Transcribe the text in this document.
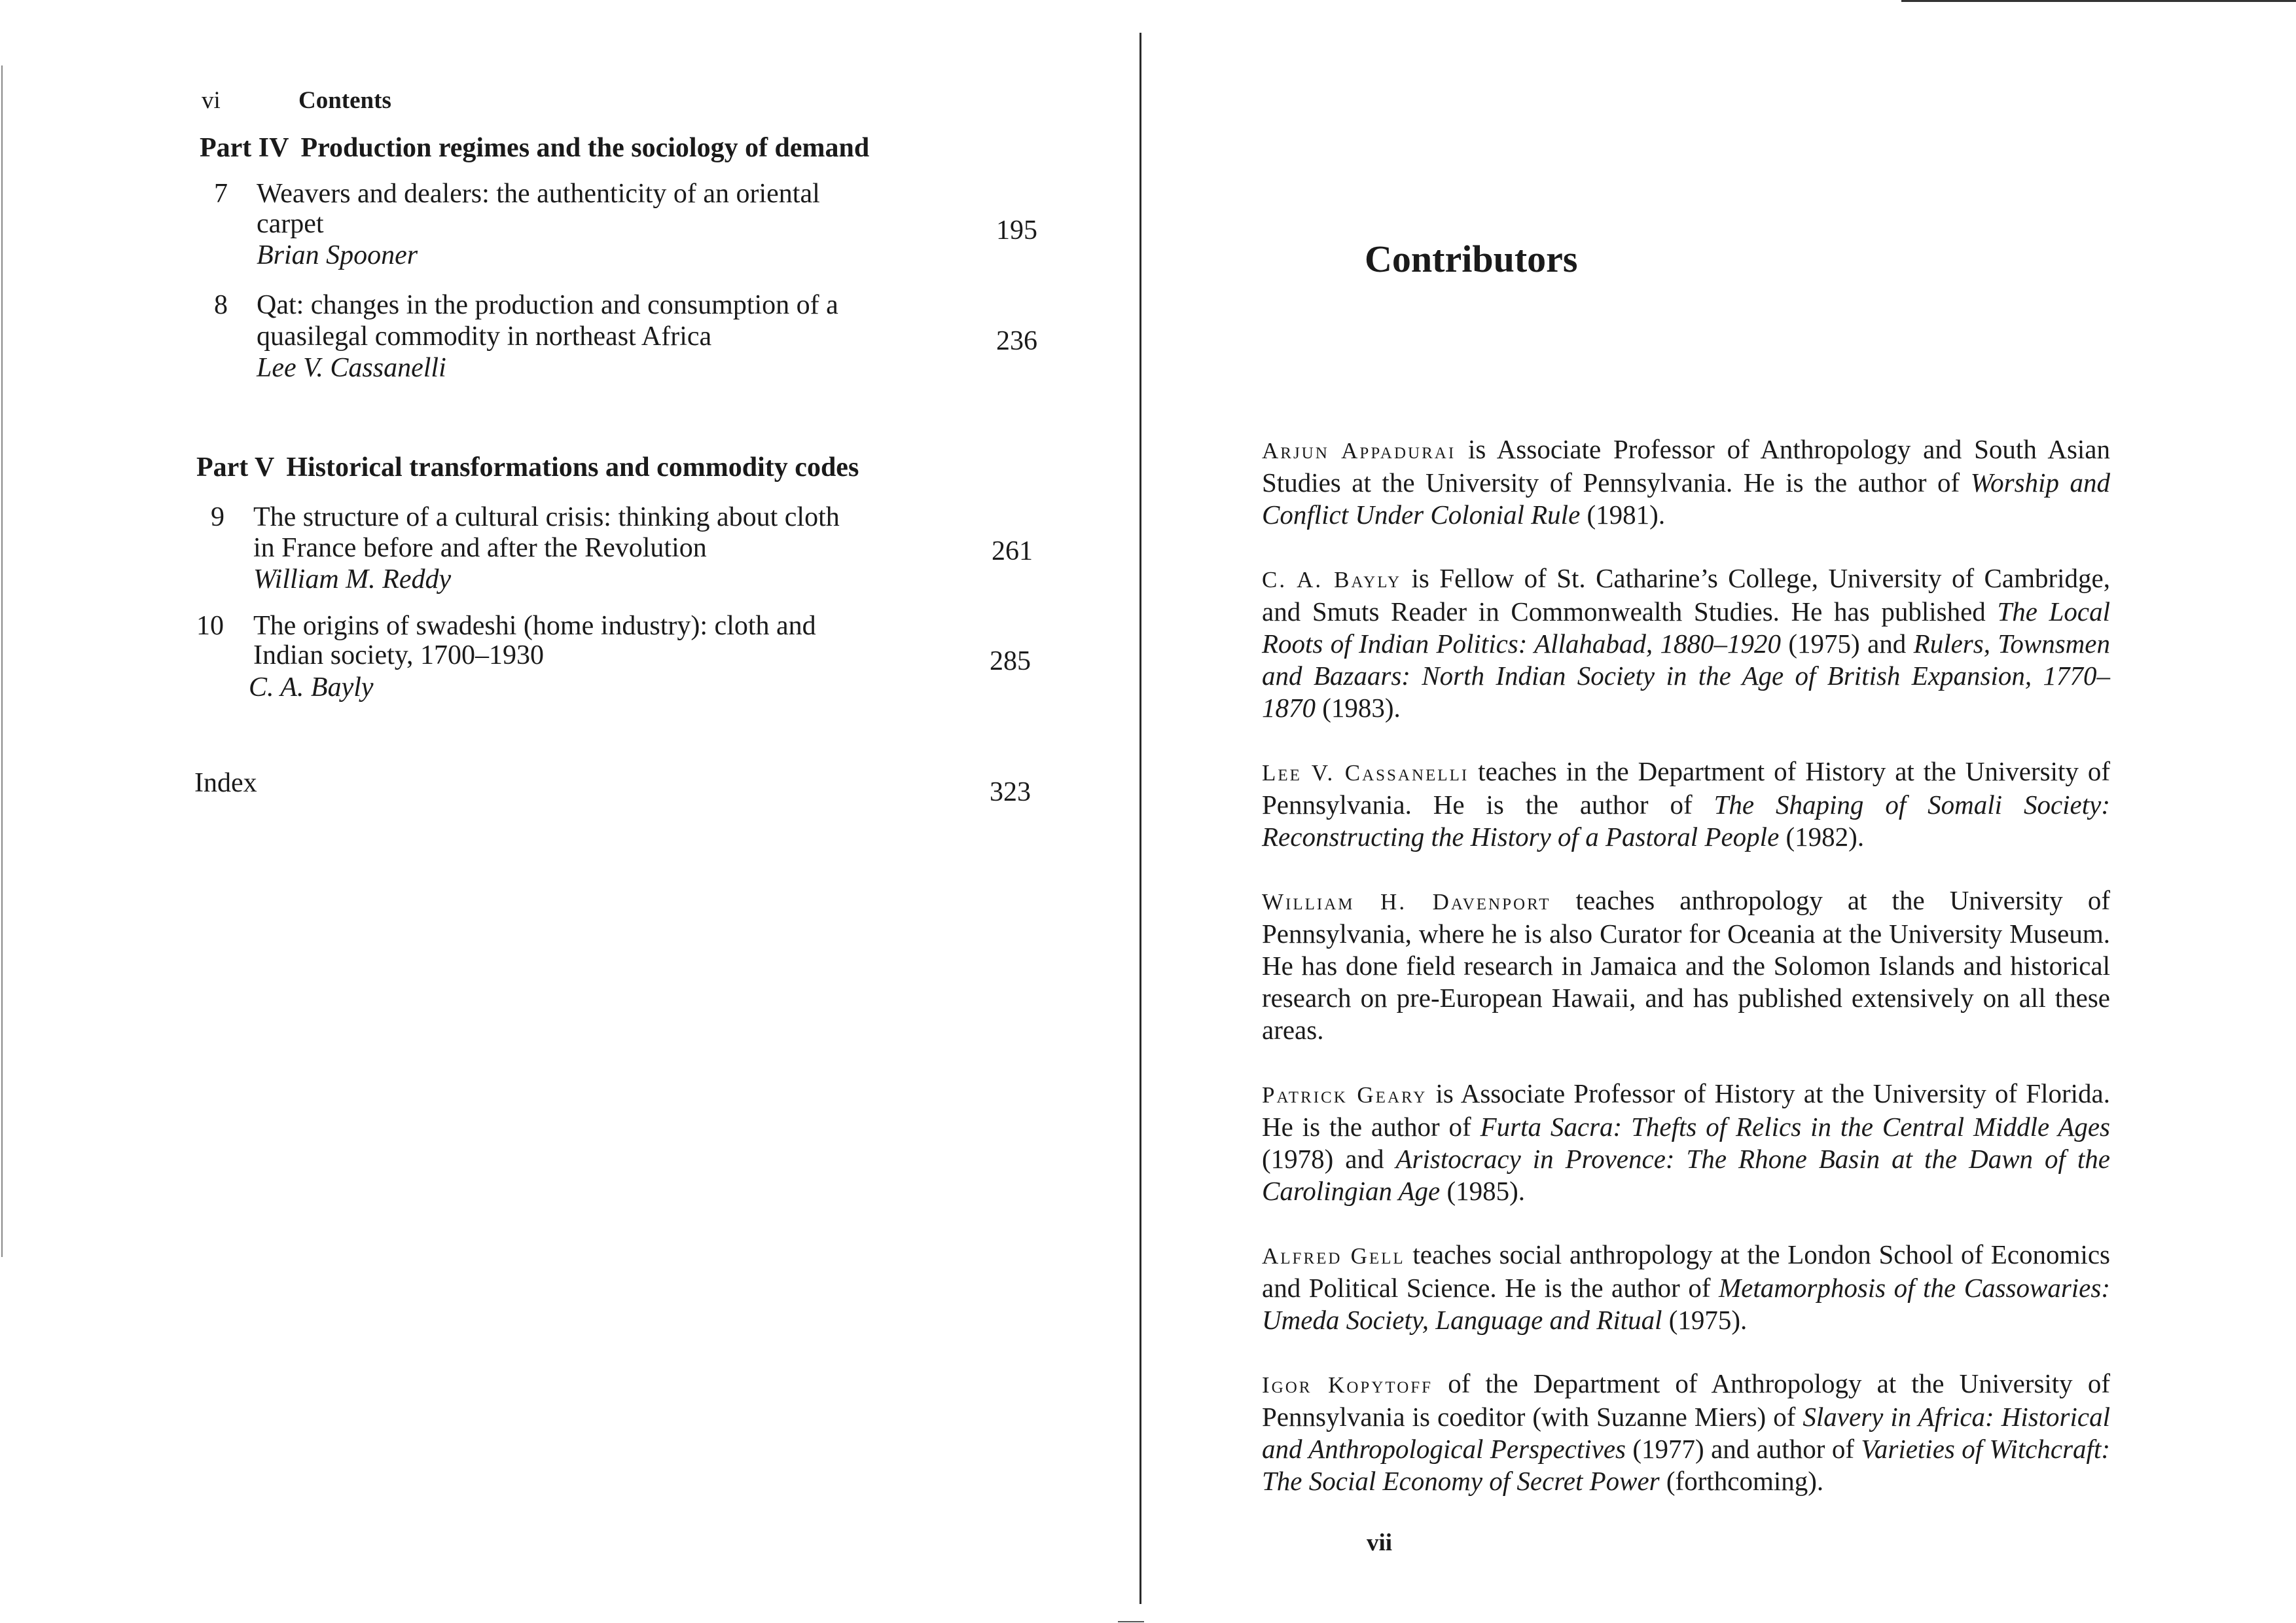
vi	Contents
Part IV Production regimes and the sociology of demand
7 Weavers and dealers: the authenticity of an oriental
carpet
Brian Spooner
195
8 Qat: changes in the production and consumption of a
quasilegal commodity in northeast Africa
Lee V. Cassanelli
236
Part V Historical transformations and commodity codes
9 The structure of a cultural crisis: thinking about cloth
in France before and after the Revolution
William M. Reddy
261
10 The origins of swadeshi (home industry): cloth and
Indian society, 1700–1930
C. A. Bayly
285
Index	323
Contributors

Arjun Appadurai is Associate Professor of Anthropology and South Asian Studies at the University of Pennsylvania. He is the author of Worship and Conflict Under Colonial Rule (1981).

C. A. Bayly is Fellow of St. Catharine’s College, University of Cambridge, and Smuts Reader in Commonwealth Studies. He has published The Local Roots of Indian Politics: Allahabad, 1880–1920 (1975) and Rulers, Townsmen and Bazaars: North Indian Society in the Age of British Expansion, 1770–1870 (1983).

Lee V. Cassanelli teaches in the Department of History at the University of Pennsylvania. He is the author of The Shaping of Somali Society: Reconstructing the History of a Pastoral People (1982).

William H. Davenport teaches anthropology at the University of Pennsylvania, where he is also Curator for Oceania at the University Museum. He has done field research in Jamaica and the Solomon Islands and historical research on pre-European Hawaii, and has published extensively on all these areas.

Patrick Geary is Associate Professor of History at the University of Florida. He is the author of Furta Sacra: Thefts of Relics in the Central Middle Ages (1978) and Aristocracy in Provence: The Rhone Basin at the Dawn of the Carolingian Age (1985).

Alfred Gell teaches social anthropology at the London School of Economics and Political Science. He is the author of Metamorphosis of the Cassowaries: Umeda Society, Language and Ritual (1975).

Igor Kopytoff of the Department of Anthropology at the University of Pennsylvania is coeditor (with Suzanne Miers) of Slavery in Africa: Historical and Anthropological Perspectives (1977) and author of Varieties of Witchcraft: The Social Economy of Secret Power (forthcoming).

vii
